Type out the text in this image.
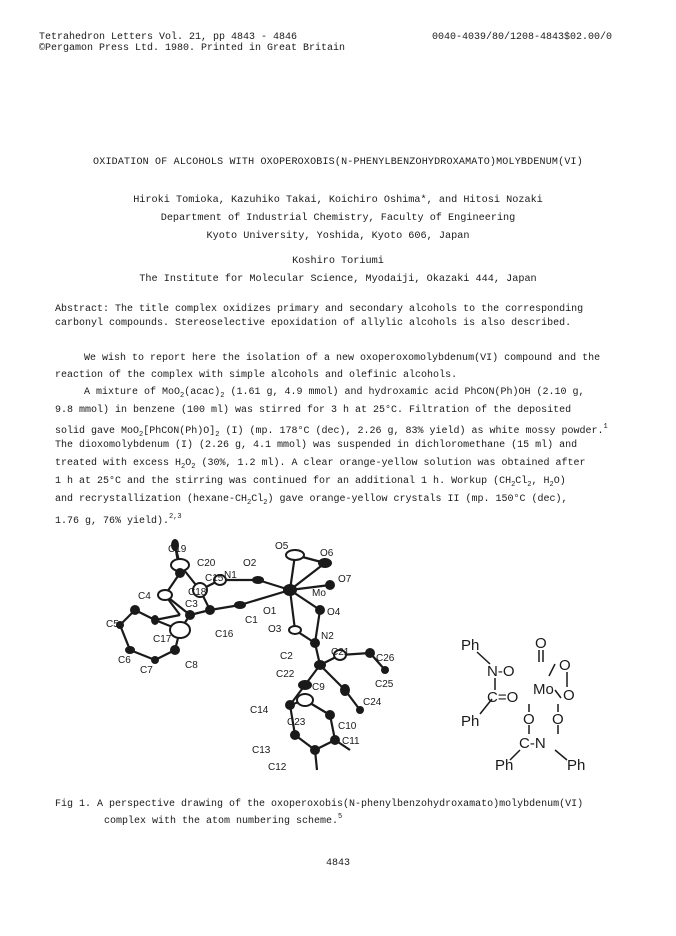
Tetrahedron Letters Vol. 21, pp 4843 - 4846
©Pergamon Press Ltd. 1980. Printed in Great Britain
0040-4039/80/1208-4843$02.00/0
OXIDATION OF ALCOHOLS WITH OXOPEROXOBIS(N-PHENYLBENZOHYDROXAMATO)MOLYBDENUM(VI)
Hiroki Tomioka, Kazuhiko Takai, Koichiro Oshima*, and Hitosi Nozaki
Department of Industrial Chemistry, Faculty of Engineering
Kyoto University, Yoshida, Kyoto 606, Japan
Koshiro Toriumi
The Institute for Molecular Science, Myodaiji, Okazaki 444, Japan
Abstract: The title complex oxidizes primary and secondary alcohols to the corresponding
carbonyl compounds. Stereoselective epoxidation of allylic alcohols is also described.
We wish to report here the isolation of a new oxoperoxomolybdenum(VI) compound and the
reaction of the complex with simple alcohols and olefinic alcohols.
A mixture of $MoO_2(acac)_2$ (1.61 g, 4.9 mmol) and hydroxamic acid PhCON(Ph)OH (2.10 g,
9.8 mmol) in benzene (100 ml) was stirred for 3 h at 25°C. Filtration of the deposited
solid gave $MoO_2[PhCON(Ph)O]_2$ (I) (mp. 178°C (dec), 2.26 g, 83% yield) as white mossy powder.$^1$
The dioxomolybdenum (I) (2.26 g, 4.1 mmol) was suspended in dichloromethane (15 ml) and
treated with excess $H_2O_2$ (30%, 1.2 ml). A clear orange-yellow solution was obtained after
1 h at 25°C and the stirring was continued for an additional 1 h. Workup ($CH_2Cl_2$, $H_2O$)
and recrystallization $(hexane-CH_2Cl_2)$ gave orange-yellow crystals II (mp. 150°C (dec),
1.76 g, 76% yield).$^{2,3}$
C19
C20	O2
O5
O6
C15 N1	O7
C18
C4
C3
Mo
O1	O4
C5	C1
O3
C16
C17	N2
C6
C7	C8
C2	C21
C26
C22
C9	C25
C24
C14
C23	C10
C13
C11
C12
Ph
N-O
O
C=O Mo
O
O
O O
Ph
C-N
Ph	Ph
Fig 1. A perspective drawing of the oxoperoxobis(N-phenylbenzohydroxamato)molybdenum(VI)
complex with the atom numbering scheme.$^5$
4843
